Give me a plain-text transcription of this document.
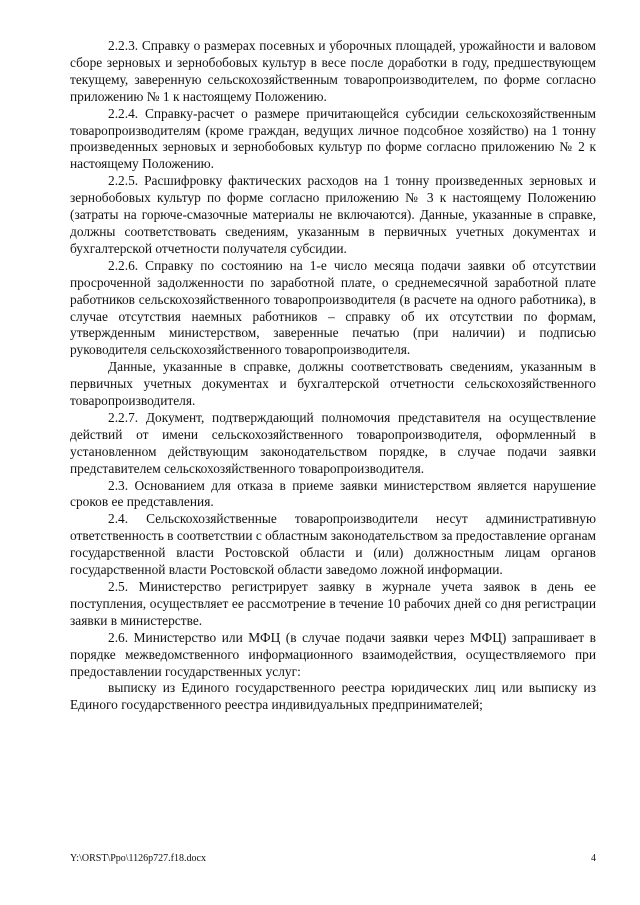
2.2.3. Справку о размерах посевных и уборочных площадей, урожайности и валовом сборе зерновых и зернобобовых культур в весе после доработки в году, предшествующем текущему, заверенную сельскохозяйственным товаропроизводителем, по форме согласно приложению № 1 к настоящему Положению.

2.2.4. Справку-расчет о размере причитающейся субсидии сельскохозяйственным товаропроизводителям (кроме граждан, ведущих личное подсобное хозяйство) на 1 тонну произведенных зерновых и зернобобовых культур по форме согласно приложению № 2 к настоящему Положению.

2.2.5. Расшифровку фактических расходов на 1 тонну произведенных зерновых и зернобобовых культур по форме согласно приложению № 3 к настоящему Положению (затраты на горюче-смазочные материалы не включаются). Данные, указанные в справке, должны соответствовать сведениям, указанным в первичных учетных документах и бухгалтерской отчетности получателя субсидии.

2.2.6. Справку по состоянию на 1-е число месяца подачи заявки об отсутствии просроченной задолженности по заработной плате, о среднемесячной заработной плате работников сельскохозяйственного товаропроизводителя (в расчете на одного работника), в случае отсутствия наемных работников – справку об их отсутствии по формам, утвержденным министерством, заверенные печатью (при наличии) и подписью руководителя сельскохозяйственного товаропроизводителя.

Данные, указанные в справке, должны соответствовать сведениям, указанным в первичных учетных документах и бухгалтерской отчетности сельскохозяйственного товаропроизводителя.

2.2.7. Документ, подтверждающий полномочия представителя на осуществление действий от имени сельскохозяйственного товаропроизводителя, оформленный в установленном действующим законодательством порядке, в случае подачи заявки представителем сельскохозяйственного товаропроизводителя.

2.3. Основанием для отказа в приеме заявки министерством является нарушение сроков ее представления.

2.4. Сельскохозяйственные товаропроизводители несут административную ответственность в соответствии с областным законодательством за предоставление органам государственной власти Ростовской области и (или) должностным лицам органов государственной власти Ростовской области заведомо ложной информации.

2.5. Министерство регистрирует заявку в журнале учета заявок в день ее поступления, осуществляет ее рассмотрение в течение 10 рабочих дней со дня регистрации заявки в министерстве.

2.6. Министерство или МФЦ (в случае подачи заявки через МФЦ) запрашивает в порядке межведомственного информационного взаимодействия, осуществляемого при предоставлении государственных услуг:

выписку из Единого государственного реестра юридических лиц или выписку из Единого государственного реестра индивидуальных предпринимателей;

Y:\ORST\Ppo\1126p727.f18.docx	4
